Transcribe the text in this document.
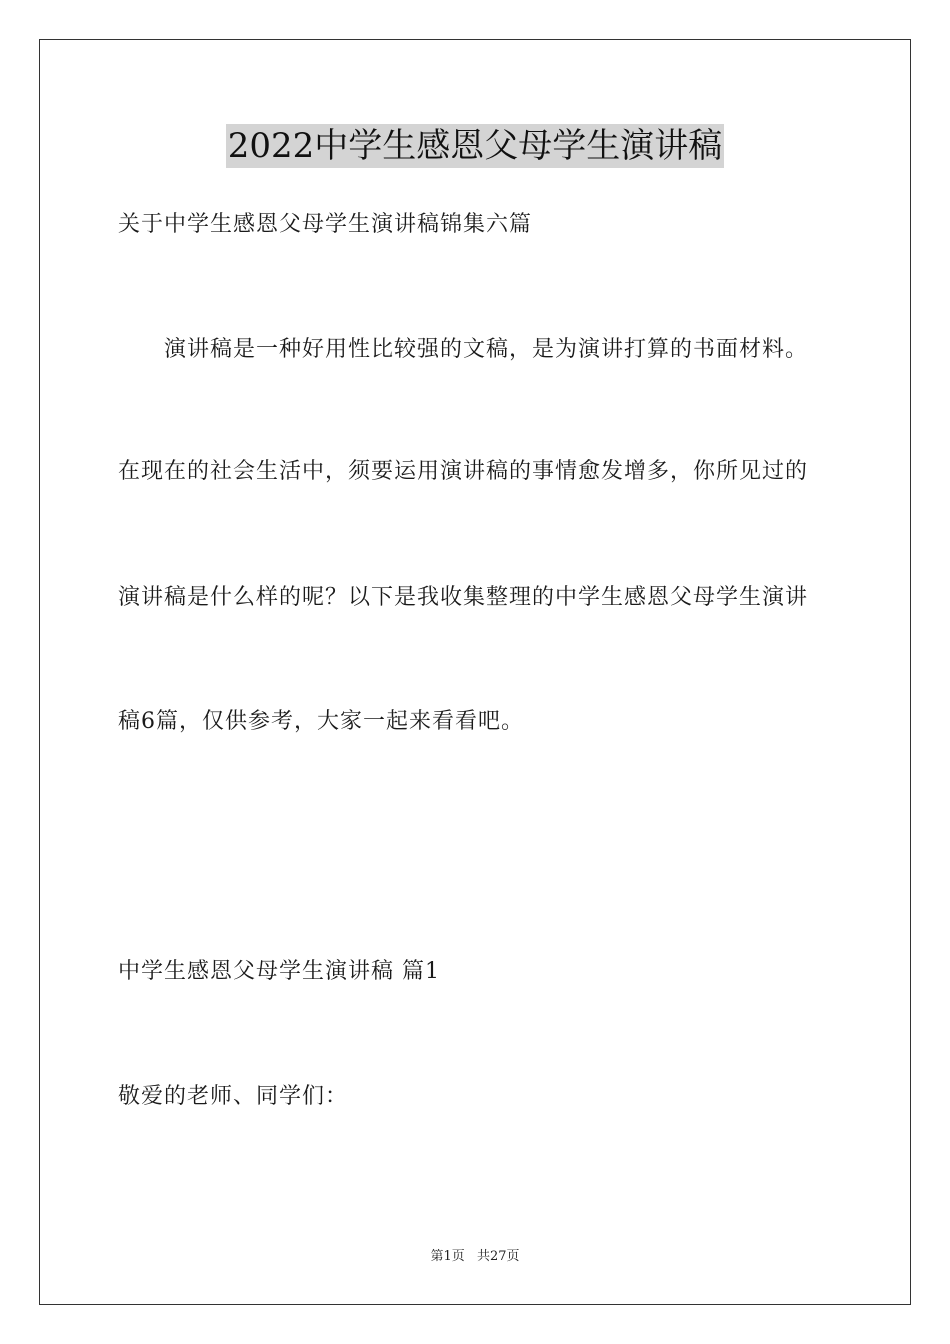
2022中学生感恩父母学生演讲稿
关于中学生感恩父母学生演讲稿锦集六篇
　　演讲稿是一种好用性比较强的文稿，是为演讲打算的书面材料。
在现在的社会生活中，须要运用演讲稿的事情愈发增多，你所见过的
演讲稿是什么样的呢？以下是我收集整理的中学生感恩父母学生演讲
稿6篇，仅供参考，大家一起来看看吧。
中学生感恩父母学生演讲稿 篇1
敬爱的老师、同学们：
第1页 共27页
